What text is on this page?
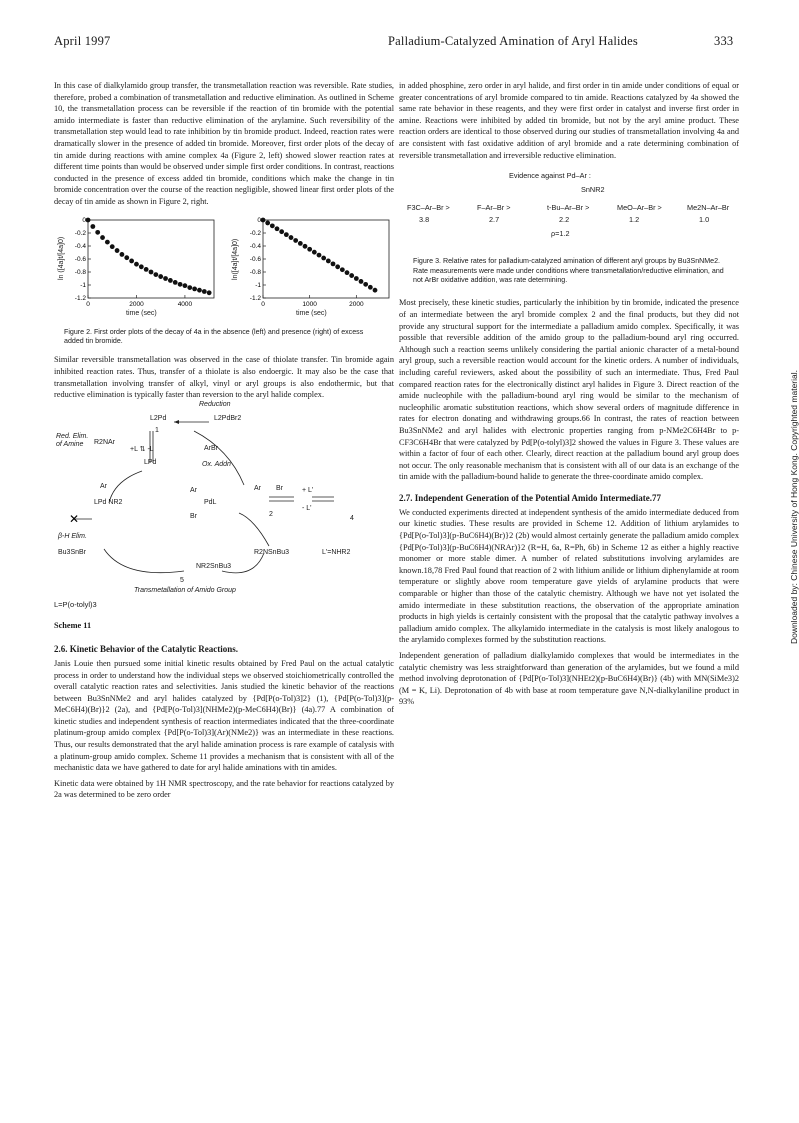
April 1997	Palladium-Catalyzed Amination of Aryl Halides	333

In this case of dialkylamido group transfer, the transmetallation reaction was reversible. Rate studies, therefore, probed a combination of transmetallation and reductive elimination. As outlined in Scheme 10, the transmetallation process can be reversible if the reaction of tin bromide with the potential amido intermediate is faster than reductive elimination of the arylamine. Such reversibility of the transmetallation step would lead to rate inhibition by tin bromide product. Indeed, reaction rates were dramatically slower in the presence of added tin bromide. Moreover, first order plots of the decay of tin amide during reactions with amine complex 4a (Figure 2, left) showed slower reaction rates at different time points than would be observed under simple first order conditions. In contrast, reactions conducted in the presence of excess added tin bromide, conditions which make the change in tin bromide concentration over the course of the reaction negligible, showed linear first order plots of the decay of tin amide as shown in Figure 2, right.

0
-0.2
-0.4
-0.6
-0.8
-1
-1.2
0	2000	4000
0
-0.2
-0.4
-0.6
-0.8
-1
-1.2
0	1000	2000
ln ([4a]t/[4a]0)	ln([4a]t/[4a]0)
time (sec)	time (sec)

Figure 2. First order plots of the decay of 4a in the absence (left) and presence (right) of excess added tin bromide.

Similar reversible transmetallation was observed in the case of thiolate transfer. Tin bromide again inhibited reaction rates. Thus, transfer of a thiolate is also endoergic. It may also be the case that transmetallation involving transfer of alkyl, vinyl or aryl groups is also endothermic, but that reductive elimination is typically faster than reversion to the aryl halide complex.

✕
Reduction
L2Pd	L2PdBr2
1
Red. Elim. of Amine	R2NAr
+L ⇅ -L
LPd
ArBr
Ox. Addn
Ar
LPd NR2
Ar
PdL
Br
Ar Br
2
+ L'
- L'
4
β-H Elim.
Bu3SnBr	R2NSnBu3	L'=NHR2
5
NR2SnBu3
Transmetallation of Amido Group

L=P(o-tolyl)3

Scheme 11

2.6. Kinetic Behavior of the Catalytic Reactions.

Janis Louie then pursued some initial kinetic results obtained by Fred Paul on the actual catalytic process in order to understand how the individual steps we observed stoichiometrically controlled the overall catalytic reaction rates and selectivities. Janis studied the kinetic behavior of the reactions between Bu3SnNMe2 and aryl halides catalyzed by {Pd[P(o-Tol)3]2} (1), {Pd[P(o-Tol)3](p-MeC6H4)(Br)}2 (2a), and {Pd[P(o-Tol)3](NHMe2)(p-MeC6H4)(Br)} (4a).77 A combination of kinetic studies and independent synthesis of reaction intermediates indicated that the three-coordinate platinum-group amido complex {Pd[P(o-Tol)3](Ar)(NMe2)} was an intermediate in these reactions. Thus, our results demonstrated that the aryl halide amination process is rare example of catalysis with a platinum-group amido complex. Scheme 11 provides a mechanism that is consistent with all of the mechanistic data we have gathered to date for aryl halide aminations with tin amides.

Kinetic data were obtained by 1H NMR spectroscopy, and the rate behavior for reactions catalyzed by 2a was determined to be zero order

in added phosphine, zero order in aryl halide, and first order in tin amide under conditions of equal or greater concentrations of aryl bromide compared to tin amide. Reactions catalyzed by 4a showed the same rate behavior in these reagents, and they were first order in catalyst and inverse first order in amine. Reactions were inhibited by added tin bromide, but not by the aryl amine product. These reaction orders are identical to those observed during our studies of transmetallation involving 4a and are consistent with fast oxidative addition of aryl bromide and a rate determining combination of reversible transmetallation and irreversible reductive elimination.

Evidence against Pd–Ar :
SnNR2
F3C–Ar–Br >
3.8
F–Ar–Br >
2.7
t-Bu–Ar–Br >
2.2
MeO–Ar–Br >
1.2
Me2N–Ar–Br
1.0
ρ=1.2

Figure 3. Relative rates for palladium-catalyzed amination of different aryl groups by Bu3SnNMe2. Rate measurements were made under conditions where transmetallation/reductive elimination, and not ArBr oxidative addition, was rate determining.

Most precisely, these kinetic studies, particularly the inhibition by tin bromide, indicated the presence of an intermediate between the aryl bromide complex 2 and the final products, but they did not provide any structural support for the intermediate a palladium amido complex. Specifically, it was possible that reversible addition of the amido group to the palladium-bound aryl ring occurred. Although such a reaction seems unlikely considering the partial anionic character of a metal-bound aryl group, such a reversible reaction would account for the kinetic orders. A number of individuals, including careful reviewers, asked about the possibility of such an intermediate. Thus, Fred Paul compared reaction rates for the electronically distinct aryl halides in Figure 3. Direct reaction of the amide nucleophile with the palladium-bound aryl ring would be similar to the mechanism of nucleophilic aromatic substitution reactions, which show several orders of magnitude difference in rates for electron donating and withdrawing groups.66 In contrast, the rates of reaction between Bu3SnNMe2 and aryl halides with electronic properties ranging from p-NMe2C6H4Br to p-CF3C6H4Br that were catalyzed by Pd[P(o-tolyl)3]2 showed the values in Figure 3. These values are within a factor of four of each other. Clearly, direct reaction at the palladium bound aryl group does not occur. The only reasonable mechanism that is consistent with all of our data is an exchange of the tin amide with the palladium-bound halide to generate the three-coordinate amido complex.

2.7. Independent Generation of the Potential Amido Intermediate.77

We conducted experiments directed at independent synthesis of the amido intermediate deduced from our kinetic studies. These results are provided in Scheme 12. Addition of lithium arylamides to {Pd[P(o-Tol)3](p-BuC6H4)(Br)}2 (2b) would almost certainly generate the palladium amido complex {Pd[P(o-Tol)3](p-BuC6H4)(NRAr)}2 (R=H, 6a, R=Ph, 6b) in Scheme 12 as either a highly reactive monomer or more stable dimer. A number of related substitutions involving arylamides are known.18,78 Fred Paul found that reaction of 2 with lithium anilide or lithium diphenylamide at room temperature or slightly above room temperature gave yields of arylamine products that were comparable or higher than those of the catalytic chemistry. Although we have not yet isolated the amido intermediate in these substitution reactions, the observation of the appropriate amination products in high yields is certainly consistent with the proposal that the catalytic pathway involves a palladium amido complex. The alkylamido intermediate in the catalysis is most likely analogous to the arylamido complexes formed by the substitution reactions.

Independent generation of palladium dialkylamido complexes that would be intermediates in the catalytic chemistry was less straightforward than generation of the arylamides, but we found a mild method involving deprotonation of {Pd[P(o-Tol)3](NHEt2)(p-BuC6H4)(Br)} (4b) with MN(SiMe3)2 (M = K, Li). Deprotonation of 4b with base at room temperature gave N,N-dialkylaniline product in 93%

Downloaded by: Chinese University of Hong Kong. Copyrighted material.
